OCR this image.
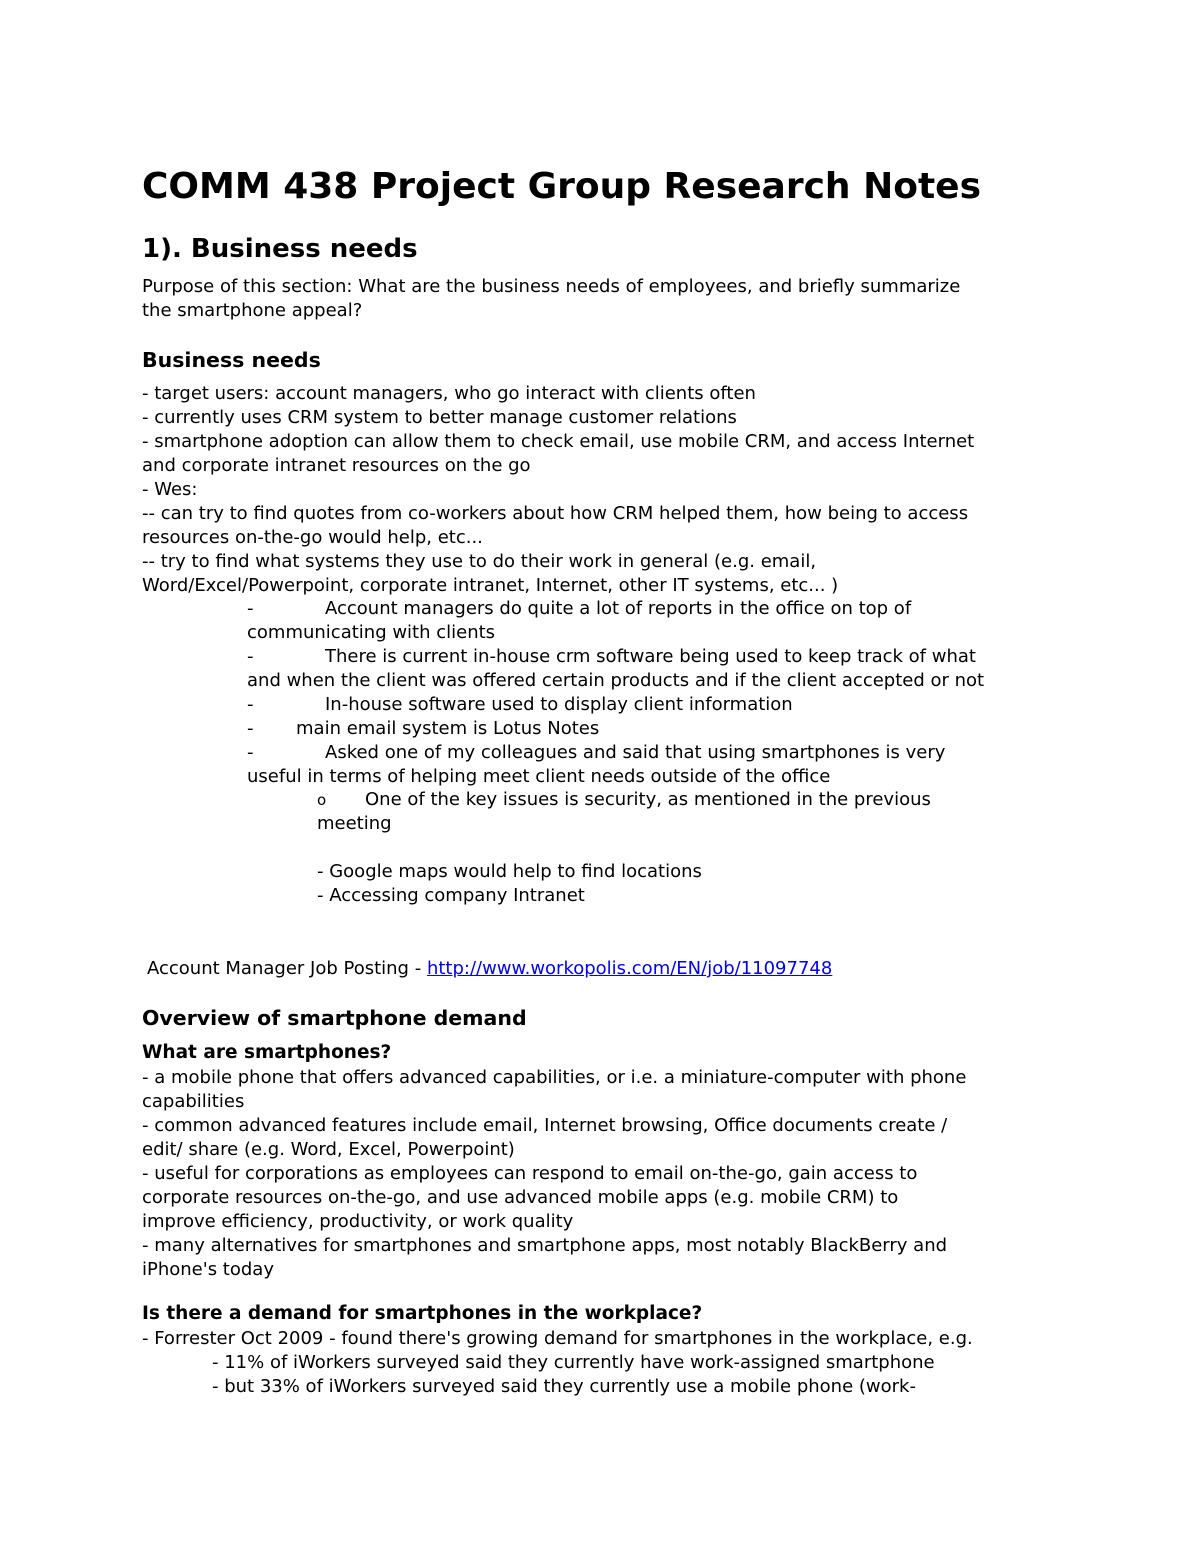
COMM 438 Project Group Research Notes
1). Business needs
Purpose of this section: What are the business needs of employees, and briefly summarize
the smartphone appeal?
Business needs
- target users: account managers, who go interact with clients often
- currently uses CRM system to better manage customer relations
- smartphone adoption can allow them to check email, use mobile CRM, and access Internet
and corporate intranet resources on the go
- Wes:
-- can try to find quotes from co-workers about how CRM helped them, how being to access
resources on-the-go would help, etc...
-- try to find what systems they use to do their work in general (e.g. email,
Word/Excel/Powerpoint, corporate intranet, Internet, other IT systems, etc... )
-	Account managers do quite a lot of reports in the office on top of
communicating with clients
-	There is current in-house crm software being used to keep track of what
and when the client was offered certain products and if the client accepted or not
-	In-house software used to display client information
- main email system is Lotus Notes
-	Asked one of my colleagues and said that using smartphones is very
useful in terms of helping meet client needs outside of the office
o One of the key issues is security, as mentioned in the previous
meeting
- Google maps would help to find locations
- Accessing company Intranet
Account Manager Job Posting - http://www.workopolis.com/EN/job/11097748
Overview of smartphone demand
What are smartphones?
- a mobile phone that offers advanced capabilities, or i.e. a miniature-computer with phone
capabilities
- common advanced features include email, Internet browsing, Office documents create /
edit/ share (e.g. Word, Excel, Powerpoint)
- useful for corporations as employees can respond to email on-the-go, gain access to
corporate resources on-the-go, and use advanced mobile apps (e.g. mobile CRM) to
improve efficiency, productivity, or work quality
- many alternatives for smartphones and smartphone apps, most notably BlackBerry and
iPhone's today
Is there a demand for smartphones in the workplace?
- Forrester Oct 2009 - found there's growing demand for smartphones in the workplace, e.g.
- 11% of iWorkers surveyed said they currently have work-assigned smartphone
- but 33% of iWorkers surveyed said they currently use a mobile phone (work-
